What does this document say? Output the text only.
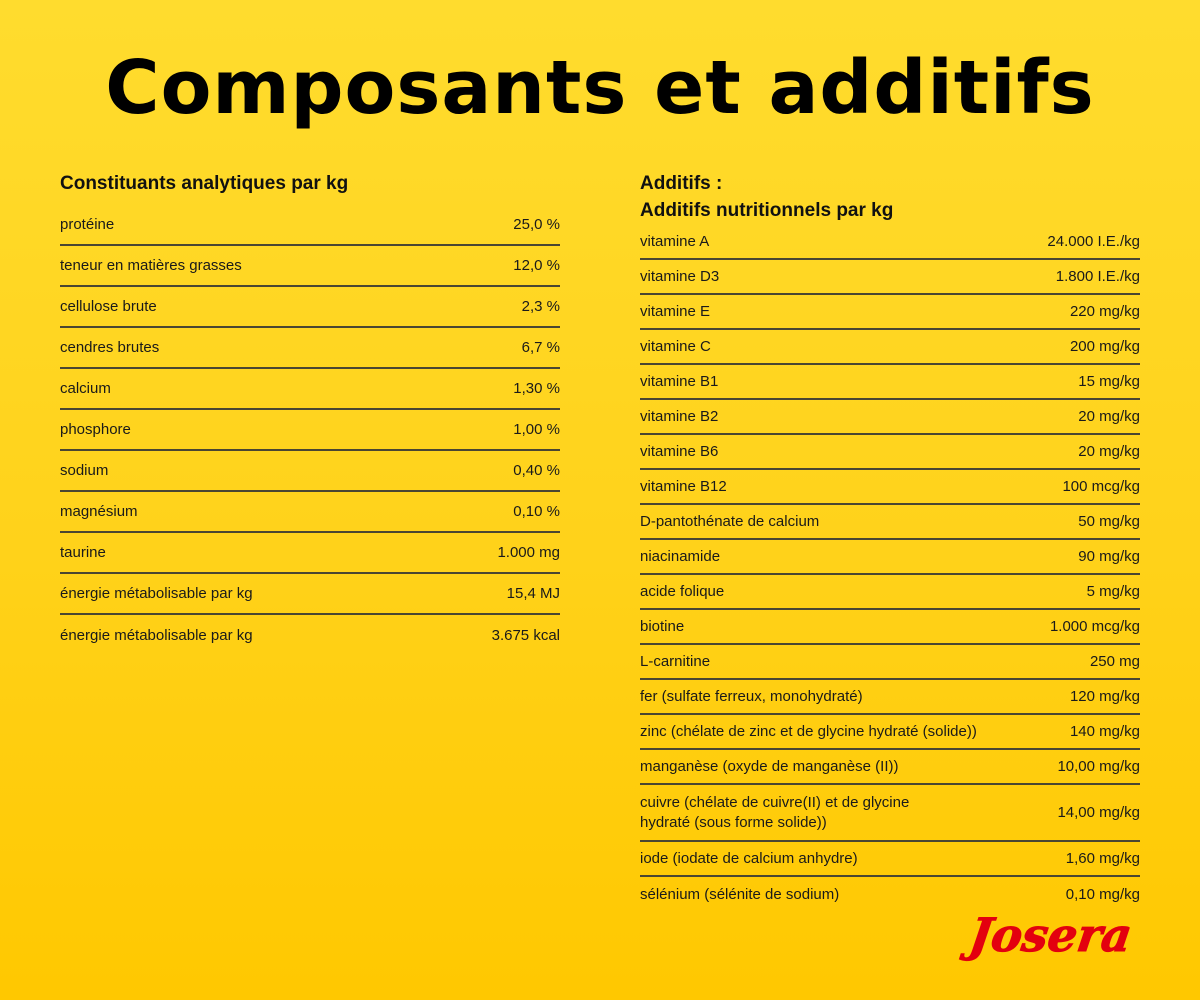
Composants et additifs
Constituants analytiques par kg
protéine	25,0 %
teneur en matières grasses	12,0 %
cellulose brute	2,3 %
cendres brutes	6,7 %
calcium	1,30 %
phosphore	1,00 %
sodium	0,40 %
magnésium	0,10 %
taurine	1.000 mg
énergie métabolisable par kg	15,4 MJ
énergie métabolisable par kg	3.675 kcal
Additifs :
Additifs nutritionnels par kg
vitamine A	24.000 I.E./kg
vitamine D3	1.800 I.E./kg
vitamine E	220 mg/kg
vitamine C	200 mg/kg
vitamine B1	15 mg/kg
vitamine B2	20 mg/kg
vitamine B6	20 mg/kg
vitamine B12	100 mcg/kg
D-pantothénate de calcium	50 mg/kg
niacinamide	90 mg/kg
acide folique	5 mg/kg
biotine	1.000 mcg/kg
L-carnitine	250 mg
fer (sulfate ferreux, monohydraté)	120 mg/kg
zinc (chélate de zinc et de glycine hydraté (solide))	140 mg/kg
manganèse (oxyde de manganèse (II))	10,00 mg/kg
cuivre (chélate de cuivre(II) et de glycine hydraté (sous forme solide))
14,00 mg/kg
iode (iodate de calcium anhydre)	1,60 mg/kg
sélénium (sélénite de sodium)	0,10 mg/kg
Josera
